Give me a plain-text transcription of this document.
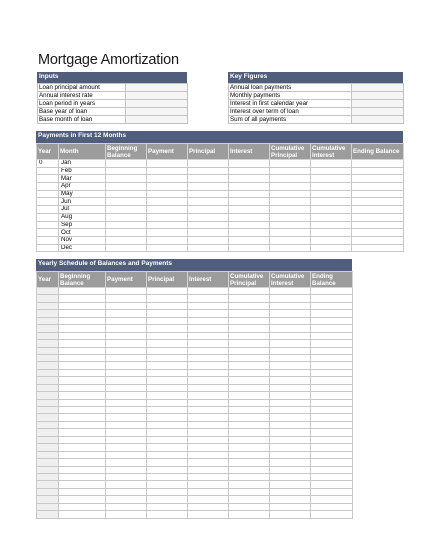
Mortgage Amortization
Inputs
Loan principal amount	
Annual interest rate	
Loan period in years	
Base year of loan	
Base month of loan	
Key Figures
Annual loan payments	
Monthly payments	
Interest in first calendar year	
Interest over term of loan	
Sum of all payments	
Payments in First 12 Months
Year	Month	Beginning Balance	Payment	Principal	Interest	Cumulative Principal	Cumulative Interest	Ending Balance
0	Jan							
	Feb							
	Mar							
	Apr							
	May							
	Jun							
	Jul							
	Aug							
	Sep							
	Oct							
	Nov							
	Dec							
Yearly Schedule of Balances and Payments
Year	Beginning Balance	Payment	Principal	Interest	Cumulative Principal	Cumulative Interest	Ending Balance
